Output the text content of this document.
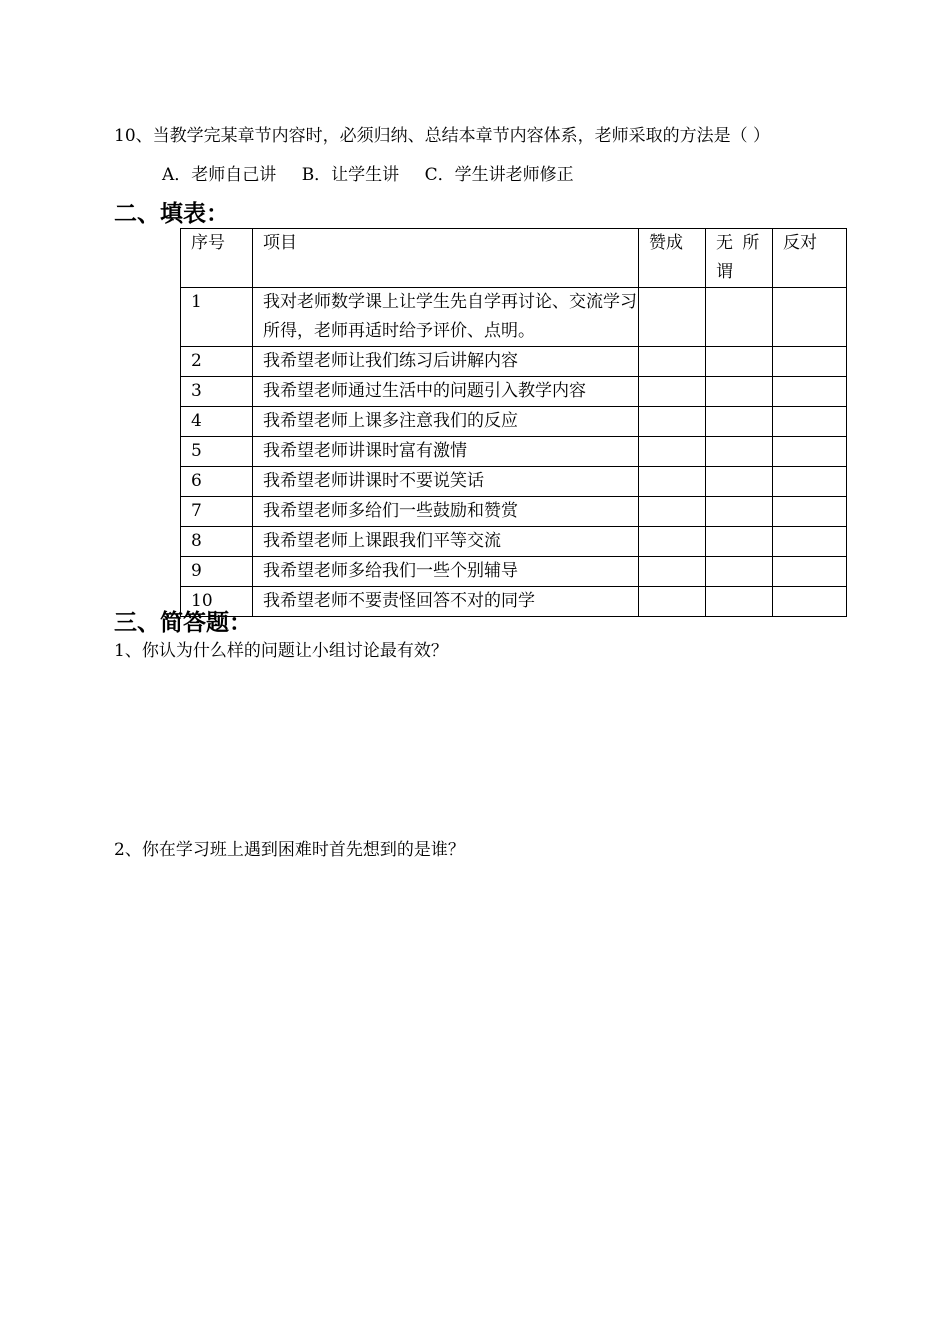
10、当教学完某章节内容时，必须归纳、总结本章节内容体系，老师采取的方法是（ ）
A．老师自己讲 B．让学生讲 C．学生讲老师修正
二、填表：
序号	项目	赞成	无 所谓	反对
1	我对老师数学课上让学生先自学再讨论、交流学习所得，老师再适时给予评价、点明。			
2	我希望老师让我们练习后讲解内容			
3	我希望老师通过生活中的问题引入教学内容			
4	我希望老师上课多注意我们的反应			
5	我希望老师讲课时富有激情			
6	我希望老师讲课时不要说笑话			
7	我希望老师多给们一些鼓励和赞赏			
8	我希望老师上课跟我们平等交流			
9	我希望老师多给我们一些个别辅导			
10	我希望老师不要责怪回答不对的同学			
三、简答题：
1、你认为什么样的问题让小组讨论最有效？
2、你在学习班上遇到困难时首先想到的是谁？
